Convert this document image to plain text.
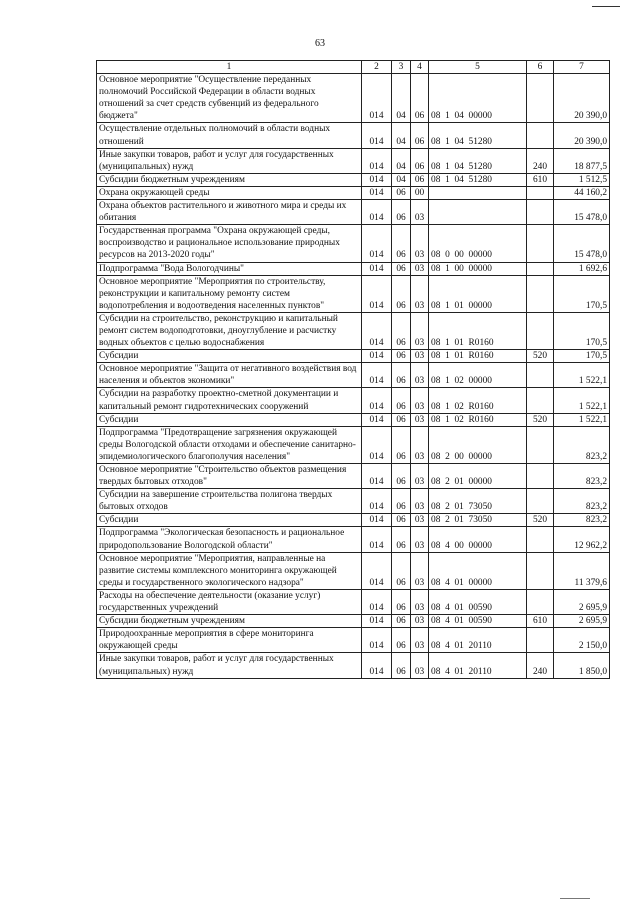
63
1	2	3	4	5	6	7
Основное мероприятие "Осуществление переданных полномочий Российской Федерации в области водных отношений за счет средств субвенций из федерального бюджета"	014	04	06	08  1  04  00000		20 390,0
Осуществление отдельных полномочий в области водных отношений	014	04	06	08  1  04  51280		20 390,0
Иные закупки товаров, работ и услуг для государственных (муниципальных) нужд	014	04	06	08  1  04  51280	240	18 877,5
Субсидии бюджетным учреждениям	014	04	06	08  1  04  51280	610	1 512,5
Охрана окружающей среды	014	06	00			44 160,2
Охрана объектов растительного и животного мира и среды их обитания	014	06	03			15 478,0
Государственная программа "Охрана окружающей среды, воспроизводство и рациональное использование природных ресурсов на 2013-2020 годы"	014	06	03	08  0  00  00000		15 478,0
Подпрограмма "Вода Вологодчины"	014	06	03	08  1  00  00000		1 692,6
Основное мероприятие "Мероприятия по строительству, реконструкции и капитальному ремонту систем водопотребления и водоотведения населенных пунктов"	014	06	03	08  1  01  00000		170,5
Субсидии на строительство, реконструкцию и капитальный ремонт систем водоподготовки, дноуглубление и расчистку водных объектов с целью водоснабжения	014	06	03	08  1  01  R0160		170,5
Субсидии	014	06	03	08  1  01  R0160	520	170,5
Основное мероприятие "Защита от негативного воздействия вод населения и объектов экономики"	014	06	03	08  1  02  00000		1 522,1
Субсидии на разработку проектно-сметной документации и капитальный ремонт гидротехнических сооружений	014	06	03	08  1  02  R0160		1 522,1
Субсидии	014	06	03	08  1  02  R0160	520	1 522,1
Подпрограмма "Предотвращение загрязнения окружающей среды Вологодской области отходами и обеспечение санитарно-эпидемиологического благополучия населения"	014	06	03	08  2  00  00000		823,2
Основное мероприятие "Строительство объектов размещения твердых бытовых отходов"	014	06	03	08  2  01  00000		823,2
Субсидии на завершение строительства полигона твердых бытовых отходов	014	06	03	08  2  01  73050		823,2
Субсидии	014	06	03	08  2  01  73050	520	823,2
Подпрограмма "Экологическая безопасность и рациональное природопользование Вологодской области"	014	06	03	08  4  00  00000		12 962,2
Основное мероприятие "Мероприятия, направленные на развитие системы комплексного мониторинга окружающей среды и государственного экологического надзора"	014	06	03	08  4  01  00000		11 379,6
Расходы на обеспечение деятельности (оказание услуг) государственных учреждений	014	06	03	08  4  01  00590		2 695,9
Субсидии бюджетным учреждениям	014	06	03	08  4  01  00590	610	2 695,9
Природоохранные мероприятия в сфере мониторинга окружающей среды	014	06	03	08  4  01  20110		2 150,0
Иные закупки товаров, работ и услуг для государственных (муниципальных) нужд	014	06	03	08  4  01  20110	240	1 850,0
